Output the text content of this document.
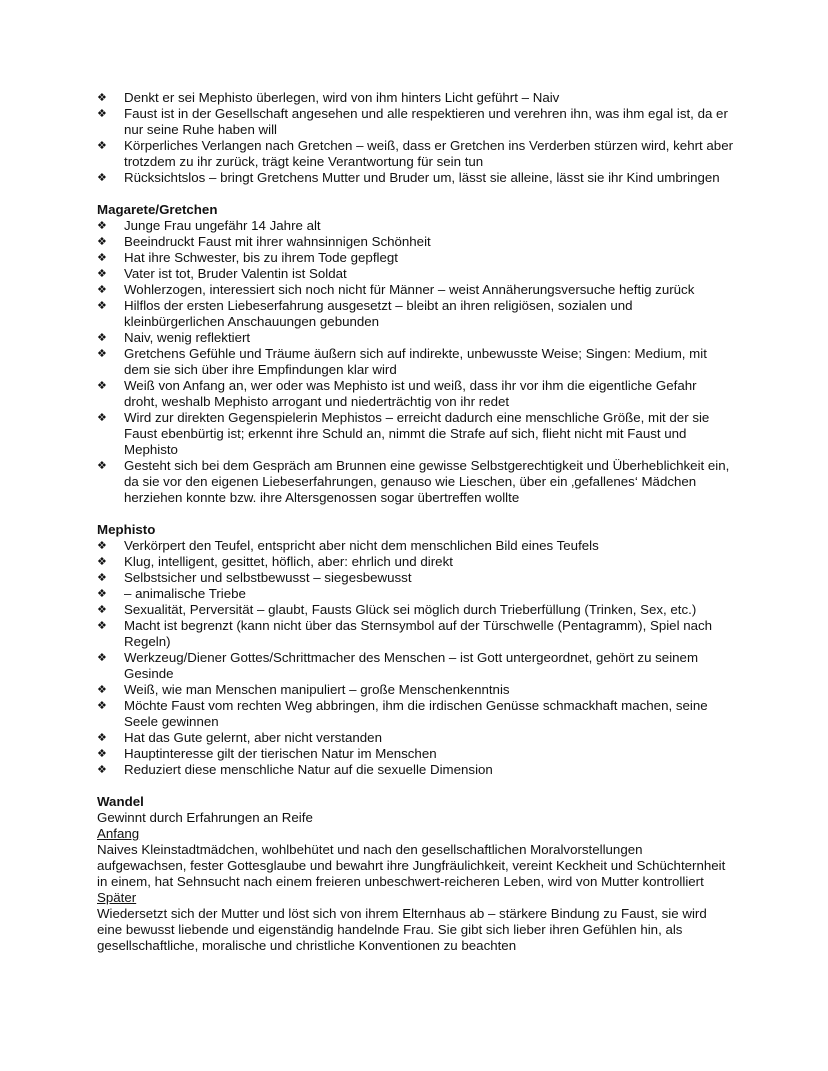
❖	Denkt er sei Mephisto überlegen, wird von ihm hinters Licht geführt – Naiv
❖	Faust ist in der Gesellschaft angesehen und alle respektieren und verehren ihn, was ihm egal ist, da er nur seine Ruhe haben will
❖	Körperliches Verlangen nach Gretchen – weiß, dass er Gretchen ins Verderben stürzen wird, kehrt aber trotzdem zu ihr zurück, trägt keine Verantwortung für sein tun
❖	Rücksichtslos – bringt Gretchens Mutter und Bruder um, lässt sie alleine, lässt sie ihr Kind umbringen
Magarete/Gretchen
❖	Junge Frau ungefähr 14 Jahre alt
❖	Beeindruckt Faust mit ihrer wahnsinnigen Schönheit
❖	Hat ihre Schwester, bis zu ihrem Tode gepflegt
❖	Vater ist tot, Bruder Valentin ist Soldat
❖	Wohlerzogen, interessiert sich noch nicht für Männer – weist Annäherungsversuche heftig zurück
❖	Hilflos der ersten Liebeserfahrung ausgesetzt – bleibt an ihren religiösen, sozialen und kleinbürgerlichen Anschauungen gebunden
❖	Naiv, wenig reflektiert
❖	Gretchens Gefühle und Träume äußern sich auf indirekte, unbewusste Weise; Singen: Medium, mit dem sie sich über ihre Empfindungen klar wird
❖	Weiß von Anfang an, wer oder was Mephisto ist und weiß, dass ihr vor ihm die eigentliche Gefahr droht, weshalb Mephisto arrogant und niederträchtig von ihr redet
❖	Wird zur direkten Gegenspielerin Mephistos – erreicht dadurch eine menschliche Größe, mit der sie Faust ebenbürtig ist; erkennt ihre Schuld an, nimmt die Strafe auf sich, flieht nicht mit Faust und Mephisto
❖	Gesteht sich bei dem Gespräch am Brunnen eine gewisse Selbstgerechtigkeit und Überheblichkeit ein, da sie vor den eigenen Liebeserfahrungen, genauso wie Lieschen, über ein ‚gefallenes‘ Mädchen herziehen konnte bzw. ihre Altersgenossen sogar übertreffen wollte
Mephisto
❖	Verkörpert den Teufel, entspricht aber nicht dem menschlichen Bild eines Teufels
❖	Klug, intelligent, gesittet, höflich, aber: ehrlich und direkt
❖	Selbstsicher und selbstbewusst – siegesbewusst
❖	– animalische Triebe
❖	Sexualität, Perversität – glaubt, Fausts Glück sei möglich durch Trieberfüllung (Trinken, Sex, etc.)
❖	Macht ist begrenzt (kann nicht über das Sternsymbol auf der Türschwelle (Pentagramm), Spiel nach Regeln)
❖	Werkzeug/Diener Gottes/Schrittmacher des Menschen – ist Gott untergeordnet, gehört zu seinem Gesinde
❖	Weiß, wie man Menschen manipuliert – große Menschenkenntnis
❖	Möchte Faust vom rechten Weg abbringen, ihm die irdischen Genüsse schmackhaft machen, seine Seele gewinnen
❖	Hat das Gute gelernt, aber nicht verstanden
❖	Hauptinteresse gilt der tierischen Natur im Menschen
❖	Reduziert diese menschliche Natur auf die sexuelle Dimension
Wandel

Gewinnt durch Erfahrungen an Reife

Anfang

Naives Kleinstadtmädchen, wohlbehütet und nach den gesellschaftlichen Moralvorstellungen aufgewachsen, fester Gottesglaube und bewahrt ihre Jungfräulichkeit, vereint Keckheit und Schüchternheit in einem, hat Sehnsucht nach einem freieren unbeschwert-reicheren Leben, wird von Mutter kontrolliert

Später

Wiedersetzt sich der Mutter und löst sich von ihrem Elternhaus ab – stärkere Bindung zu Faust, sie wird eine bewusst liebende und eigenständig handelnde Frau. Sie gibt sich lieber ihren Gefühlen hin, als gesellschaftliche, moralische und christliche Konventionen zu beachten
